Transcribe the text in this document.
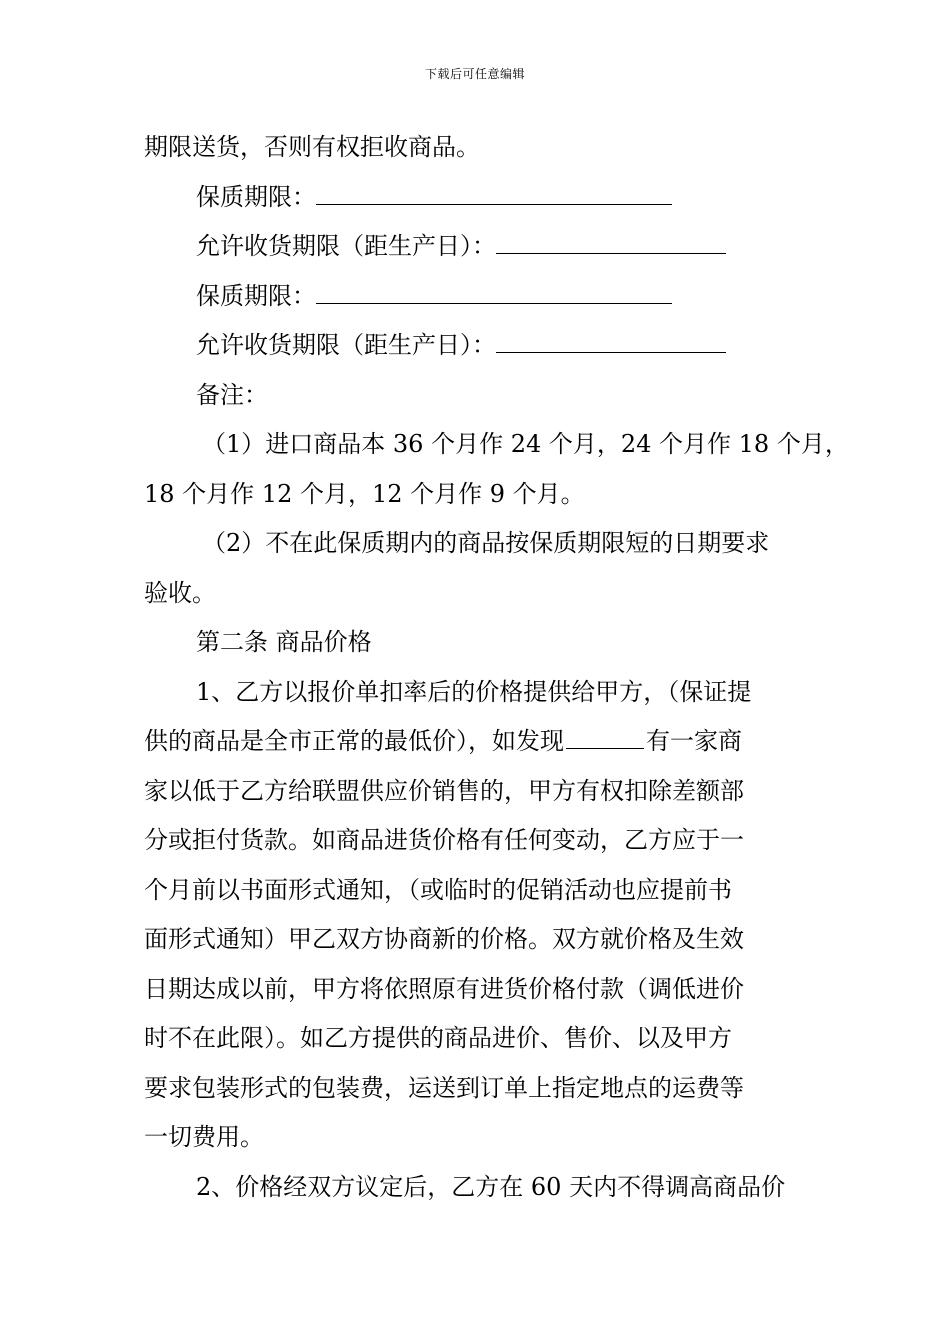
下载后可任意编辑
期限送货，否则有权拒收商品。
保质期限：
允许收货期限（距生产日）：
保质期限：
允许收货期限（距生产日）：
备注：
（1）进口商品本 36 个月作 24 个月，24 个月作 18 个月，
18 个月作 12 个月，12 个月作 9 个月。
（2）不在此保质期内的商品按保质期限短的日期要求
验收。
第二条 商品价格
1、乙方以报价单扣率后的价格提供给甲方，（保证提
供的商品是全市正常的最低价），如发现	有一家商
家以低于乙方给联盟供应价销售的，甲方有权扣除差额部
分或拒付货款。如商品进货价格有任何变动，乙方应于一
个月前以书面形式通知，（或临时的促销活动也应提前书
面形式通知）甲乙双方协商新的价格。双方就价格及生效
日期达成以前，甲方将依照原有进货价格付款（调低进价
时不在此限）。如乙方提供的商品进价、售价、以及甲方
要求包装形式的包装费，运送到订单上指定地点的运费等
一切费用。
2、价格经双方议定后，乙方在 60 天内不得调高商品价
